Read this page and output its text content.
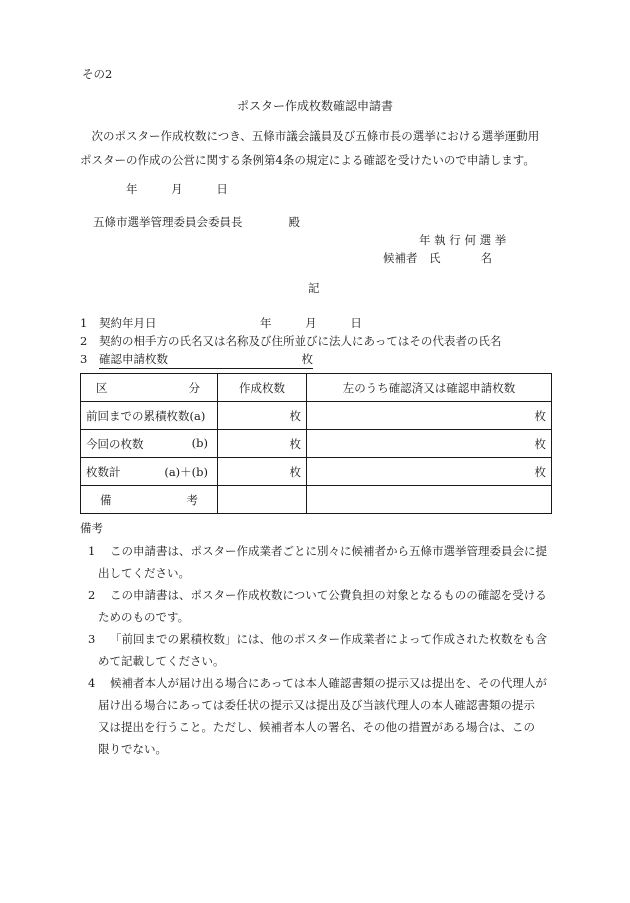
その2
ポスター作成枚数確認申請書

　次のポスター作成枚数につき、五條市議会議員及び五條市長の選挙における選挙運動用

ポスターの作成の公営に関する条例第4条の規定による確認を受けたいので申請します。

年	月	日
五條市選挙管理委員会委員長	殿
年 執 行 何 選 挙
候補者　氏	名
記
1 契約年月日	年	月	日
2 契約の相手方の氏名又は名称及び住所並びに法人にあってはその代表者の氏名
3 確認申請枚数	枚
区 分	作成枚数	左のうち確認済又は確認申請枚数
前回までの累積枚数(a)	枚	枚

今回の枚数 (b)	枚	枚

枚数計 (a)＋(b)	枚	枚

備 考		

備考
1 この申請書は、ポスター作成業者ごとに別々に候補者から五條市選挙管理委員会に提
出してください。
2 この申請書は、ポスター作成枚数について公費負担の対象となるものの確認を受ける
ためのものです。
3 「前回までの累積枚数」には、他のポスター作成業者によって作成された枚数をも含
めて記載してください。
4 候補者本人が届け出る場合にあっては本人確認書類の提示又は提出を、その代理人が
届け出る場合にあっては委任状の提示又は提出及び当該代理人の本人確認書類の提示
又は提出を行うこと。ただし、候補者本人の署名、その他の措置がある場合は、この
限りでない。
